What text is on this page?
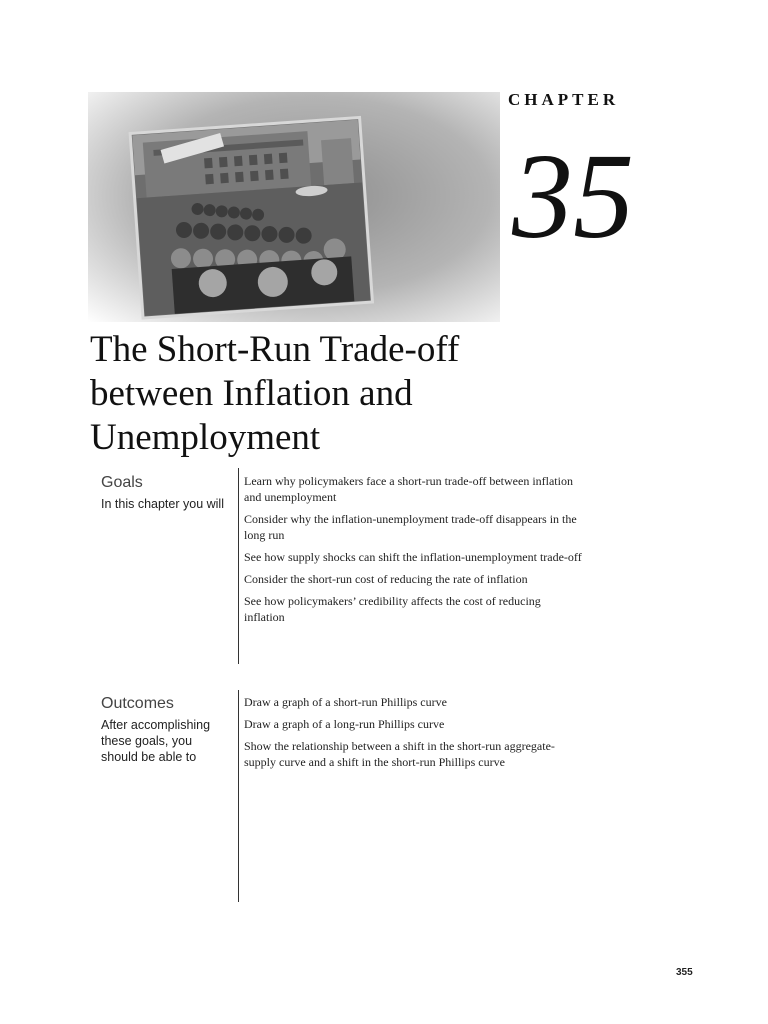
CHAPTER
35
The Short-Run Trade-off
between Inflation and
Unemployment
Goals
In this chapter you will
Learn why policymakers face a short-run trade-off between inflation and unemployment
Consider why the inflation-unemployment trade-off disappears in the long run
See how supply shocks can shift the inflation-unemployment trade-off
Consider the short-run cost of reducing the rate of inflation
See how policymakers’ credibility affects the cost of reducing inflation
Outcomes
After accomplishing these goals, you should be able to
Draw a graph of a short-run Phillips curve
Draw a graph of a long-run Phillips curve
Show the relationship between a shift in the short-run aggregate-supply curve and a shift in the short-run Phillips curve
355
